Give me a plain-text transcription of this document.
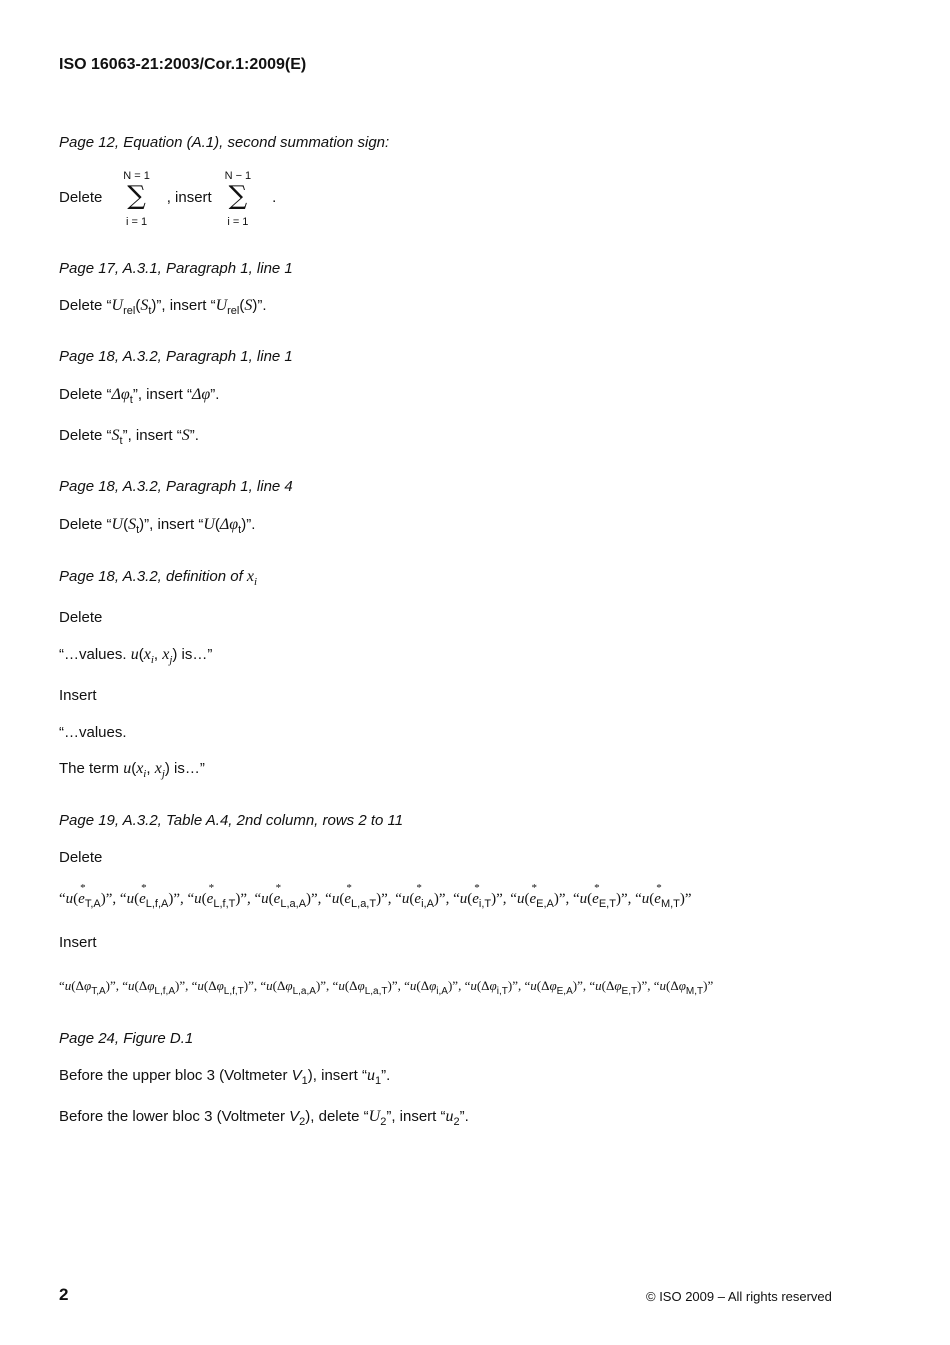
ISO 16063-21:2003/Cor.1:2009(E)
Page 12, Equation (A.1), second summation sign:
Delete
N = 1
∑
i = 1
, insert
N − 1
∑
i = 1
.
Page 17, A.3.1, Paragraph 1, line 1
Delete “$U_{rel}(S_t)$”, insert “$U_{rel}(S)$”.
Page 18, A.3.2, Paragraph 1, line 1
Delete “$\Delta\varphi_t$”, insert “Δφ”.
Delete “$S_t$”, insert “S”.
Page 18, A.3.2, Paragraph 1, line 4
Delete “$U(S_t)$”, insert “$U(\Delta\varphi_t)$”.
Page 18, A.3.2, definition of $x_i$
Delete
“…values. $u(x_i$, $x_j$) is…”
Insert
“…values.
The term $u(x_i$, $x_j$) is…”
Page 19, A.3.2, Table A.4, 2nd column, rows 2 to 11
Delete
“u(e
*
$_{T,A}$)”, “u(e
*
$_{L,f,A}$)”, “u(e
*
$_{L,f,T}$)”, “u(e
*
$_{L,a,A}$)”, “u(e
*
$_{L,a,T}$)”, “u(e
*
$_{i,A}$)”, “u(e
*
$_{i,T}$)”, “u(e
*
$_{E,A}$)”, “u(e
*
$_{E,T}$)”, “u(e
*
$_{M,T}$)”
Insert
“$u(\Delta\varphi_{T,A})$”, “$u(\Delta\varphi_{L,f,A})$”, “$u(\Delta\varphi_{L,f,T})$”, “$u(\Delta\varphi_{L,a,A})$”, “$u(\Delta\varphi_{L,a,T})$”, “$u(\Delta\varphi_{i,A})$”, “$u(\Delta\varphi_{i,T})$”, “$u(\Delta\varphi_{E,A})$”, “$u(\Delta\varphi_{E,T})$”, “$u(\Delta\varphi_{M,T})$”
Page 24, Figure D.1
Before the upper bloc 3 (Voltmeter $V_1$), insert “$u_1$”.
Before the lower bloc 3 (Voltmeter $V_2$), delete “$U_2$”, insert “$u_2$”.
2	© ISO 2009 – All rights reserved
